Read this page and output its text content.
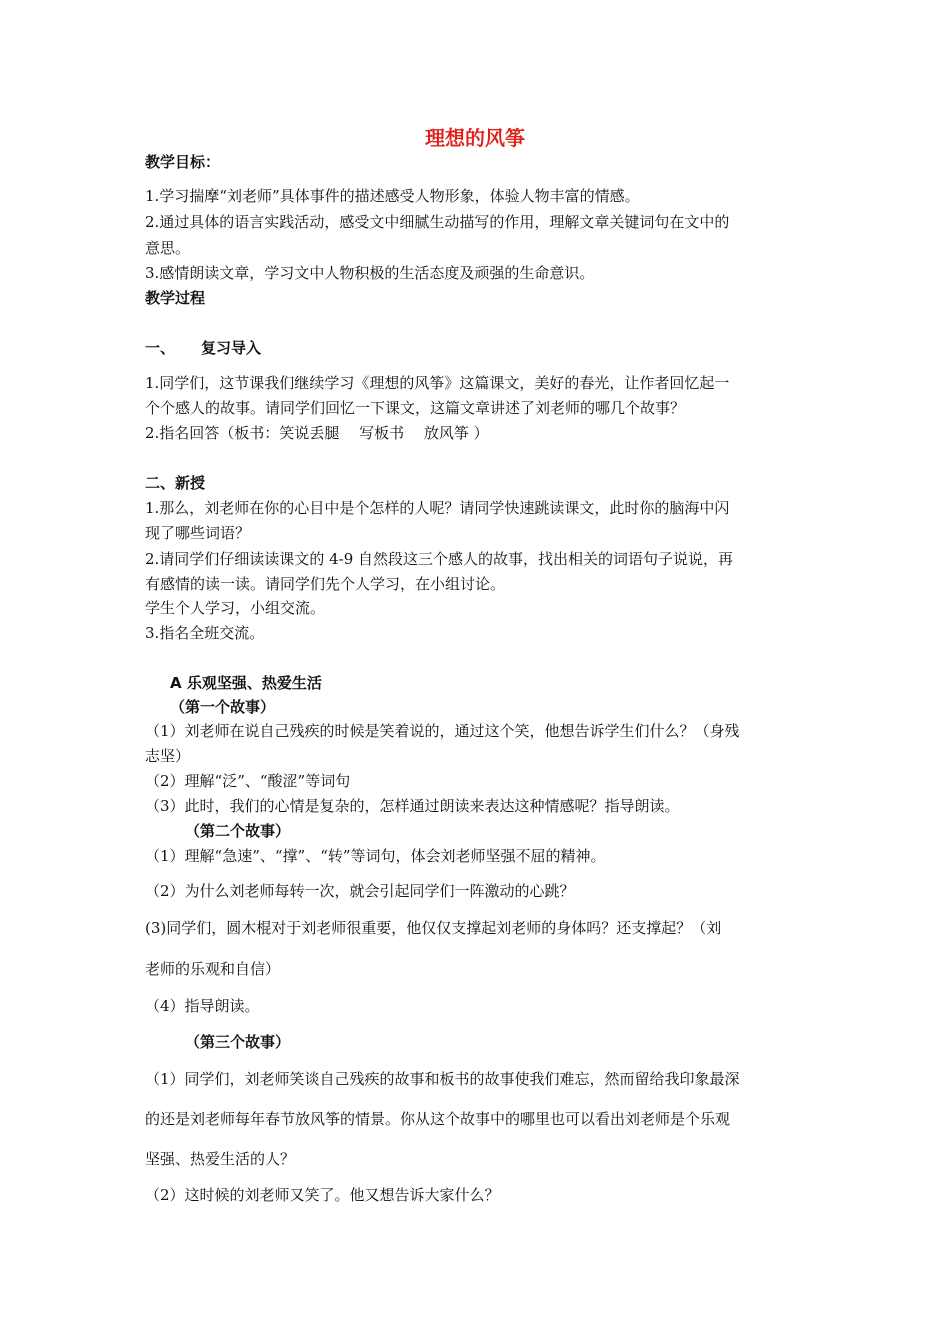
理想的风筝
教学目标：
1.学习揣摩“刘老师”具体事件的描述感受人物形象，体验人物丰富的情感。
2.通过具体的语言实践活动，感受文中细腻生动描写的作用，理解文章关键词句在文中的
意思。
3.感情朗读文章，学习文中人物积极的生活态度及顽强的生命意识。
教学过程
一、 复习导入
1.同学们，这节课我们继续学习《理想的风筝》这篇课文，美好的春光，让作者回忆起一
个个感人的故事。请同学们回忆一下课文，这篇文章讲述了刘老师的哪几个故事？
2.指名回答（板书：笑说丢腿　 写板书　 放风筝 ）
二、新授
1.那么，刘老师在你的心目中是个怎样的人呢？请同学快速跳读课文，此时你的脑海中闪
现了哪些词语？
2.请同学们仔细读读课文的 4-9 自然段这三个感人的故事，找出相关的词语句子说说，再
有感情的读一读。请同学们先个人学习，在小组讨论。
学生个人学习，小组交流。
3.指名全班交流。
A 乐观坚强、热爱生活
（第一个故事）
（1）刘老师在说自己残疾的时候是笑着说的，通过这个笑，他想告诉学生们什么？（身残
志坚）
（2）理解“泛”、“酸涩”等词句
（3）此时，我们的心情是复杂的，怎样通过朗读来表达这种情感呢？指导朗读。
（第二个故事）
（1）理解“急速”、“撑”、“转”等词句，体会刘老师坚强不屈的精神。
（2）为什么刘老师每转一次，就会引起同学们一阵激动的心跳？
(3)同学们，圆木棍对于刘老师很重要，他仅仅支撑起刘老师的身体吗？还支撑起？（刘
老师的乐观和自信）
（4）指导朗读。
（第三个故事）
（1）同学们，刘老师笑谈自己残疾的故事和板书的故事使我们难忘，然而留给我印象最深
的还是刘老师每年春节放风筝的情景。你从这个故事中的哪里也可以看出刘老师是个乐观
坚强、热爱生活的人？
（2）这时候的刘老师又笑了。他又想告诉大家什么？
